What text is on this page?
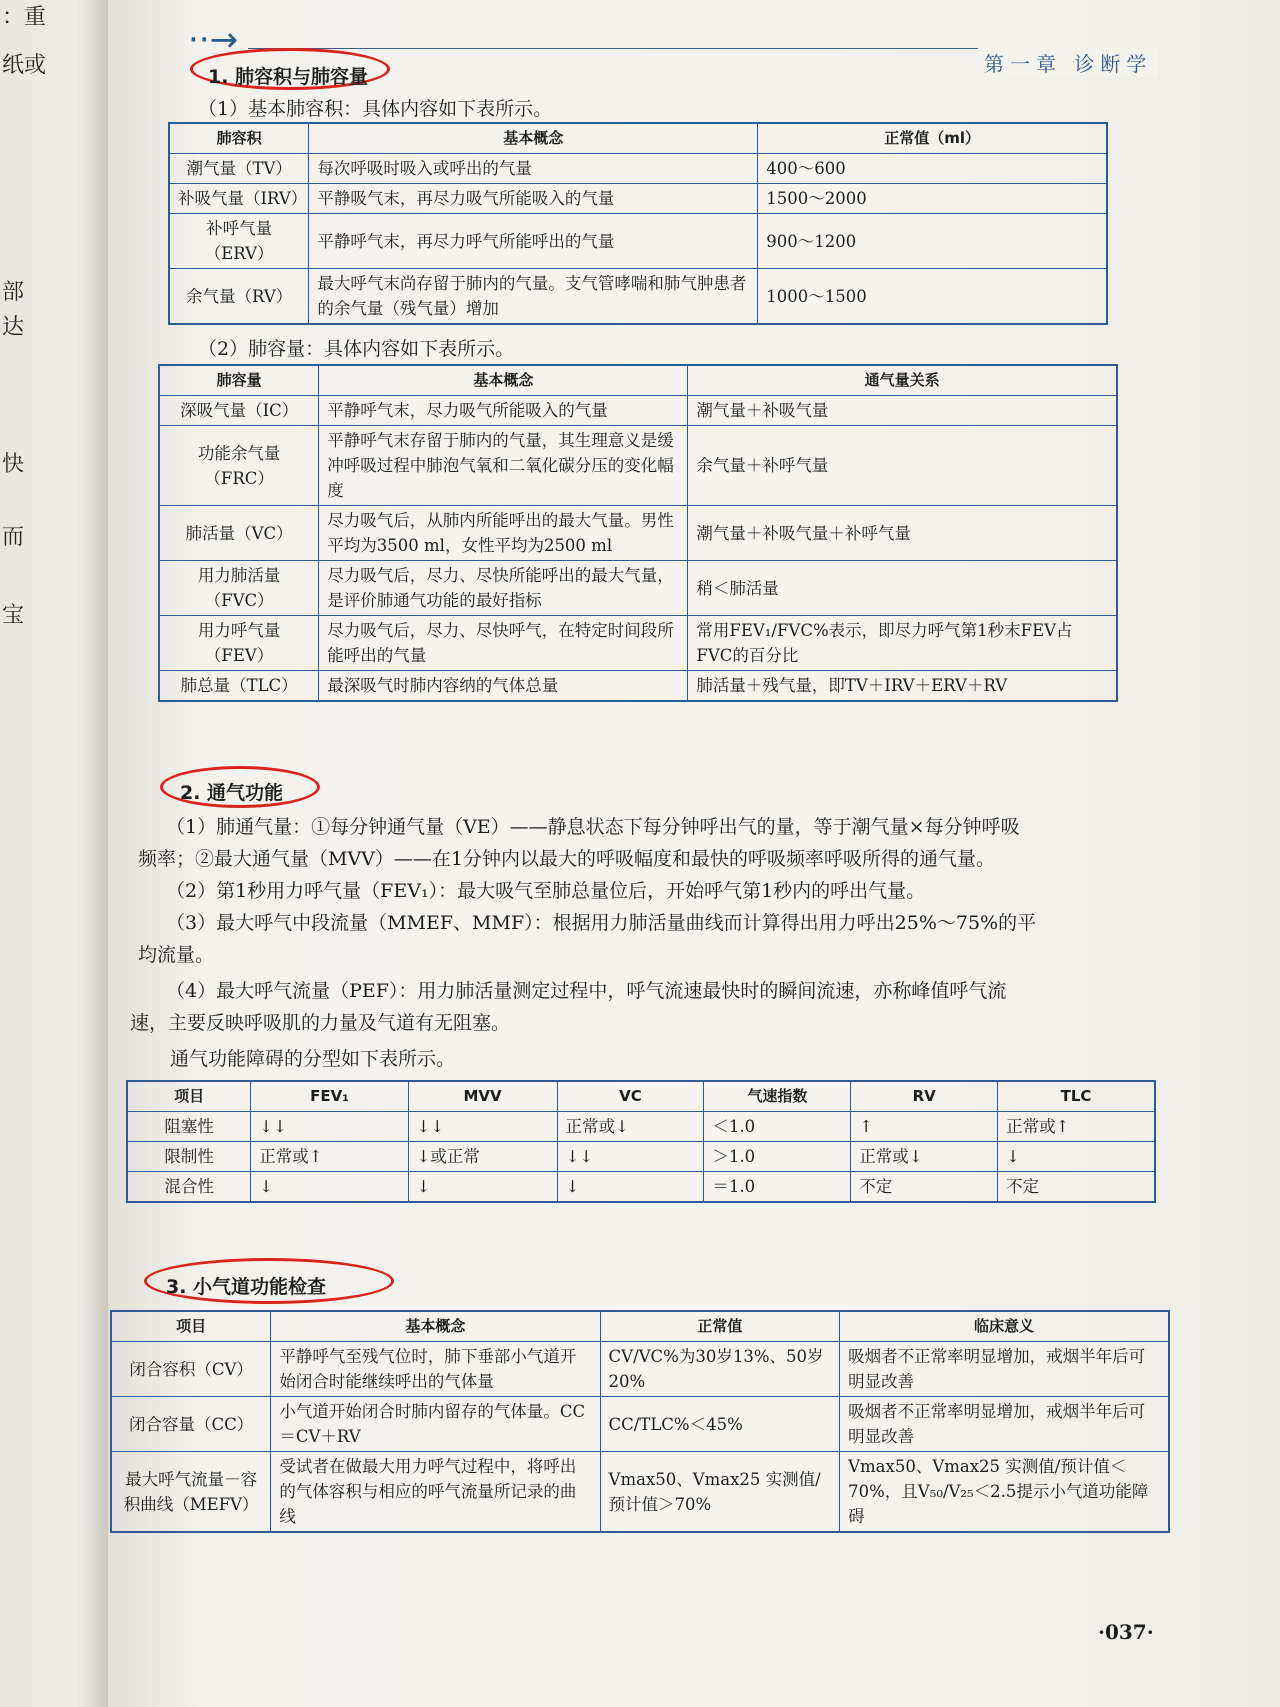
：重
纸或
部
达
快
而
宝
··→
第一章 诊断学
1. 肺容积与肺容量
（1）基本肺容积：具体内容如下表所示。
肺容积	基本概念	正常值（ml）
潮气量（TV）	每次呼吸时吸入或呼出的气量	400～600
补吸气量（IRV）	平静吸气末，再尽力吸气所能吸入的气量	1500～2000
补呼气量（ERV）	平静呼气末，再尽力呼气所能呼出的气量	900～1200
余气量（RV）	最大呼气末尚存留于肺内的气量。支气管哮喘和肺气肿患者的余气量（残气量）增加	1000～1500
（2）肺容量：具体内容如下表所示。
肺容量	基本概念	通气量关系
深吸气量（IC）	平静呼气末，尽力吸气所能吸入的气量	潮气量＋补吸气量
功能余气量（FRC）	平静呼气末存留于肺内的气量，其生理意义是缓冲呼吸过程中肺泡气氧和二氧化碳分压的变化幅度	余气量＋补呼气量
肺活量（VC）	尽力吸气后，从肺内所能呼出的最大气量。男性平均为3500 ml，女性平均为2500 ml	潮气量＋补吸气量＋补呼气量
用力肺活量（FVC）	尽力吸气后，尽力、尽快所能呼出的最大气量，是评价肺通气功能的最好指标	稍＜肺活量
用力呼气量（FEV）	尽力吸气后，尽力、尽快呼气，在特定时间段所能呼出的气量	常用FEV₁/FVC%表示，即尽力呼气第1秒末FEV占FVC的百分比
肺总量（TLC）	最深吸气时肺内容纳的气体总量	肺活量＋残气量，即TV＋IRV＋ERV＋RV
2. 通气功能
（1）肺通气量：①每分钟通气量（VE）——静息状态下每分钟呼出气的量，等于潮气量×每分钟呼吸
频率；②最大通气量（MVV）——在1分钟内以最大的呼吸幅度和最快的呼吸频率呼吸所得的通气量。
（2）第1秒用力呼气量（FEV₁）：最大吸气至肺总量位后，开始呼气第1秒内的呼出气量。
（3）最大呼气中段流量（MMEF、MMF）：根据用力肺活量曲线而计算得出用力呼出25%～75%的平
均流量。
（4）最大呼气流量（PEF）：用力肺活量测定过程中，呼气流速最快时的瞬间流速，亦称峰值呼气流
速，主要反映呼吸肌的力量及气道有无阻塞。
通气功能障碍的分型如下表所示。
项目	FEV₁	MVV	VC	气速指数	RV	TLC
阻塞性	↓↓	↓↓	正常或↓	＜1.0	↑	正常或↑
限制性	正常或↑	↓或正常	↓↓	＞1.0	正常或↓	↓
混合性	↓	↓	↓	＝1.0	不定	不定
3. 小气道功能检查
项目	基本概念	正常值	临床意义
闭合容积（CV）	平静呼气至残气位时，肺下垂部小气道开始闭合时能继续呼出的气体量	CV/VC%为30岁13%、50岁20%	吸烟者不正常率明显增加，戒烟半年后可明显改善
闭合容量（CC）	小气道开始闭合时肺内留存的气体量。CC＝CV＋RV	CC/TLC%＜45%	吸烟者不正常率明显增加，戒烟半年后可明显改善
最大呼气流量－容积曲线（MEFV）	受试者在做最大用力呼气过程中，将呼出的气体容积与相应的呼气流量所记录的曲线	Vmax50、Vmax25 实测值/预计值＞70%	Vmax50、Vmax25 实测值/预计值＜70%，且V₅₀/V₂₅＜2.5提示小气道功能障碍
·037·
